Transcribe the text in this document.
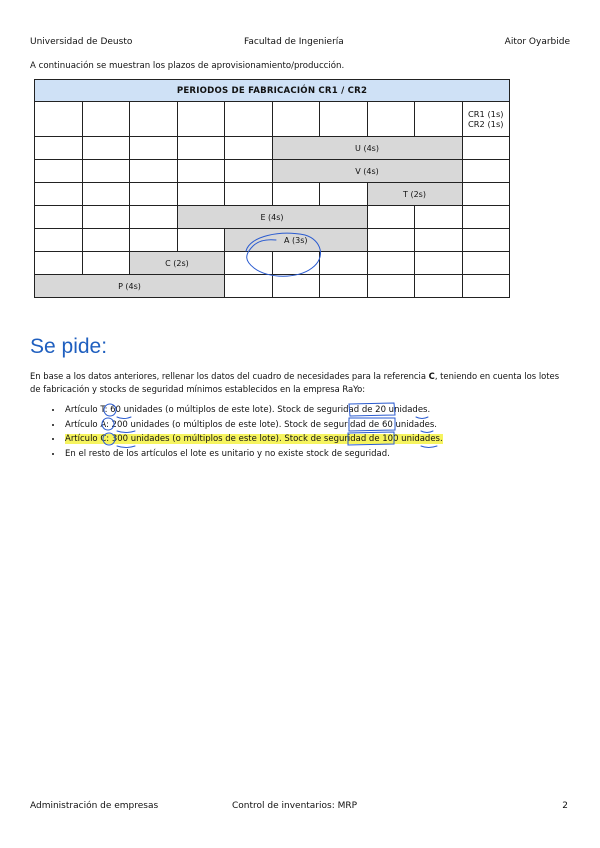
Universidad de Deusto	Facultad de Ingeniería	Aitor Oyarbide
A continuación se muestran los plazos de aprovisionamiento/producción.
PERIODOS DE FABRICACIÓN CR1 / CR2									

									CR1 (1s)
CR2 (1s)

					U (4s)				
					V (4s)				
							T (2s)		
			E (4s)						
				A (3s)					
		C (2s)							
P (4s)									
Se pide:
En base a los datos anteriores, rellenar los datos del cuadro de necesidades para la referencia C, teniendo en cuenta los lotes de fabricación y stocks de seguridad mínimos establecidos en la empresa RaYo:
• Artículo T: 60 unidades (o múltiplos de este lote). Stock de seguridad de 20 unidades.
• Artículo A: 200 unidades (o múltiplos de este lote). Stock de seguridad de 60 unidades.
• Artículo C: 300 unidades (o múltiplos de este lote). Stock de seguridad de 100 unidades.
• En el resto de los artículos el lote es unitario y no existe stock de seguridad.
Administración de empresas	Control de inventarios: MRP	2
